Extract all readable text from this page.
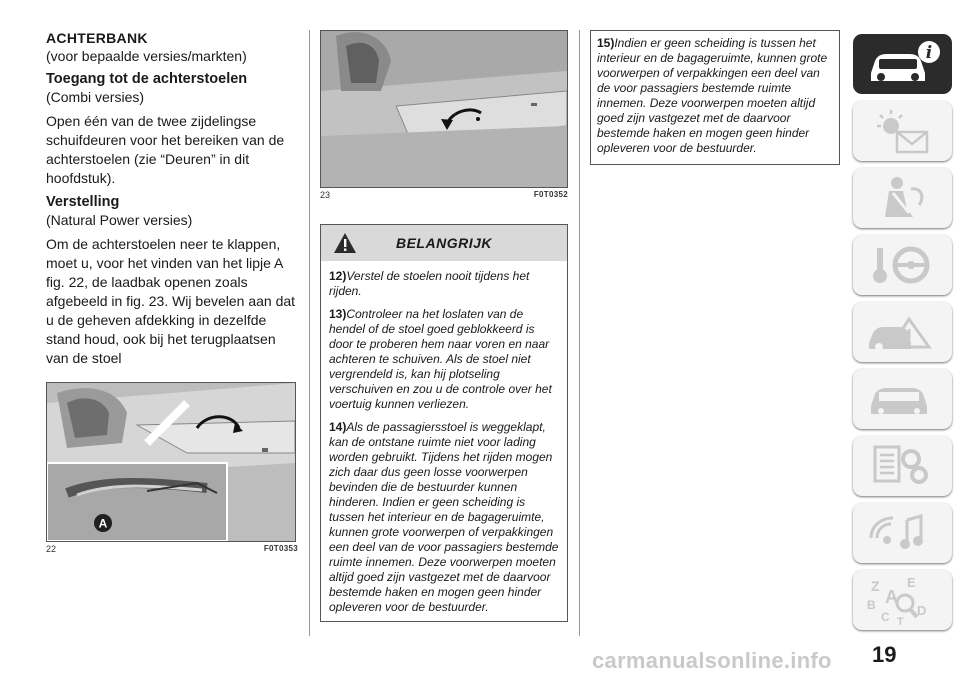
ACHTERBANK

(voor bepaalde versies/markten)

Toegang tot de achterstoelen

(Combi versies)

Open één van de twee zijdelingse schuifdeuren voor het bereiken van de achterstoelen (zie “Deuren” in dit hoofdstuk).

Verstelling

(Natural Power versies)

Om de achterstoelen neer te klappen, moet u, voor het vinden van het lipje A fig. 22, de laadbak openen zoals afgebeeld in fig. 23. Wij bevelen aan dat u de geheven afdekking in dezelfde stand houd, ook bij het terugplaatsen van de stoel

A
22	F0T0353
23	F0T0352
BELANGRIJK

12)Verstel de stoelen nooit tijdens het rijden.

13)Controleer na het loslaten van de hendel of de stoel goed geblokkeerd is door te proberen hem naar voren en naar achteren te schuiven. Als de stoel niet vergrendeld is, kan hij plotseling verschuiven en zou u de controle over het voertuig kunnen verliezen.

14)Als de passagiersstoel is weggeklapt, kan de ontstane ruimte niet voor lading worden gebruikt. Tijdens het rijden mogen zich daar dus geen losse voorwerpen bevinden die de bestuurder kunnen hinderen. Indien er geen scheiding is tussen het interieur en de bagageruimte, kunnen grote voorwerpen of verpakkingen een deel van de voor passagiers bestemde ruimte innemen. Deze voorwerpen moeten altijd goed zijn vastgezet met de daarvoor bestemde haken en mogen geen hinder opleveren voor de bestuurder.

15)Indien er geen scheiding is tussen het interieur en de bagageruimte, kunnen grote voorwerpen of verpakkingen een deel van de voor passagiers bestemde ruimte innemen. Deze voorwerpen moeten altijd goed zijn vastgezet met de daarvoor bestemde haken en mogen geen hinder opleveren voor de bestuurder.

i
Z E
A
B
C D
T
carmanualsonline.info 19
